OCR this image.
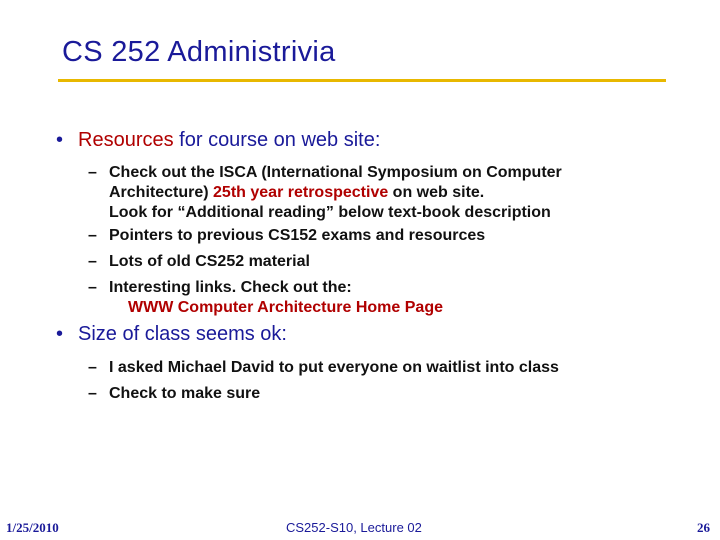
CS 252 Administrivia
• Resources for course on web site:
– Check out the ISCA (International Symposium on Computer
Architecture) 25th year retrospective on web site.
Look for “Additional reading” below text-book description
– Pointers to previous CS152 exams and resources
– Lots of old CS252 material
– Interesting links. Check out the:
WWW Computer Architecture Home Page
• Size of class seems ok:
– I asked Michael David to put everyone on waitlist into class
– Check to make sure
1/25/2010	CS252-S10, Lecture 02	26
